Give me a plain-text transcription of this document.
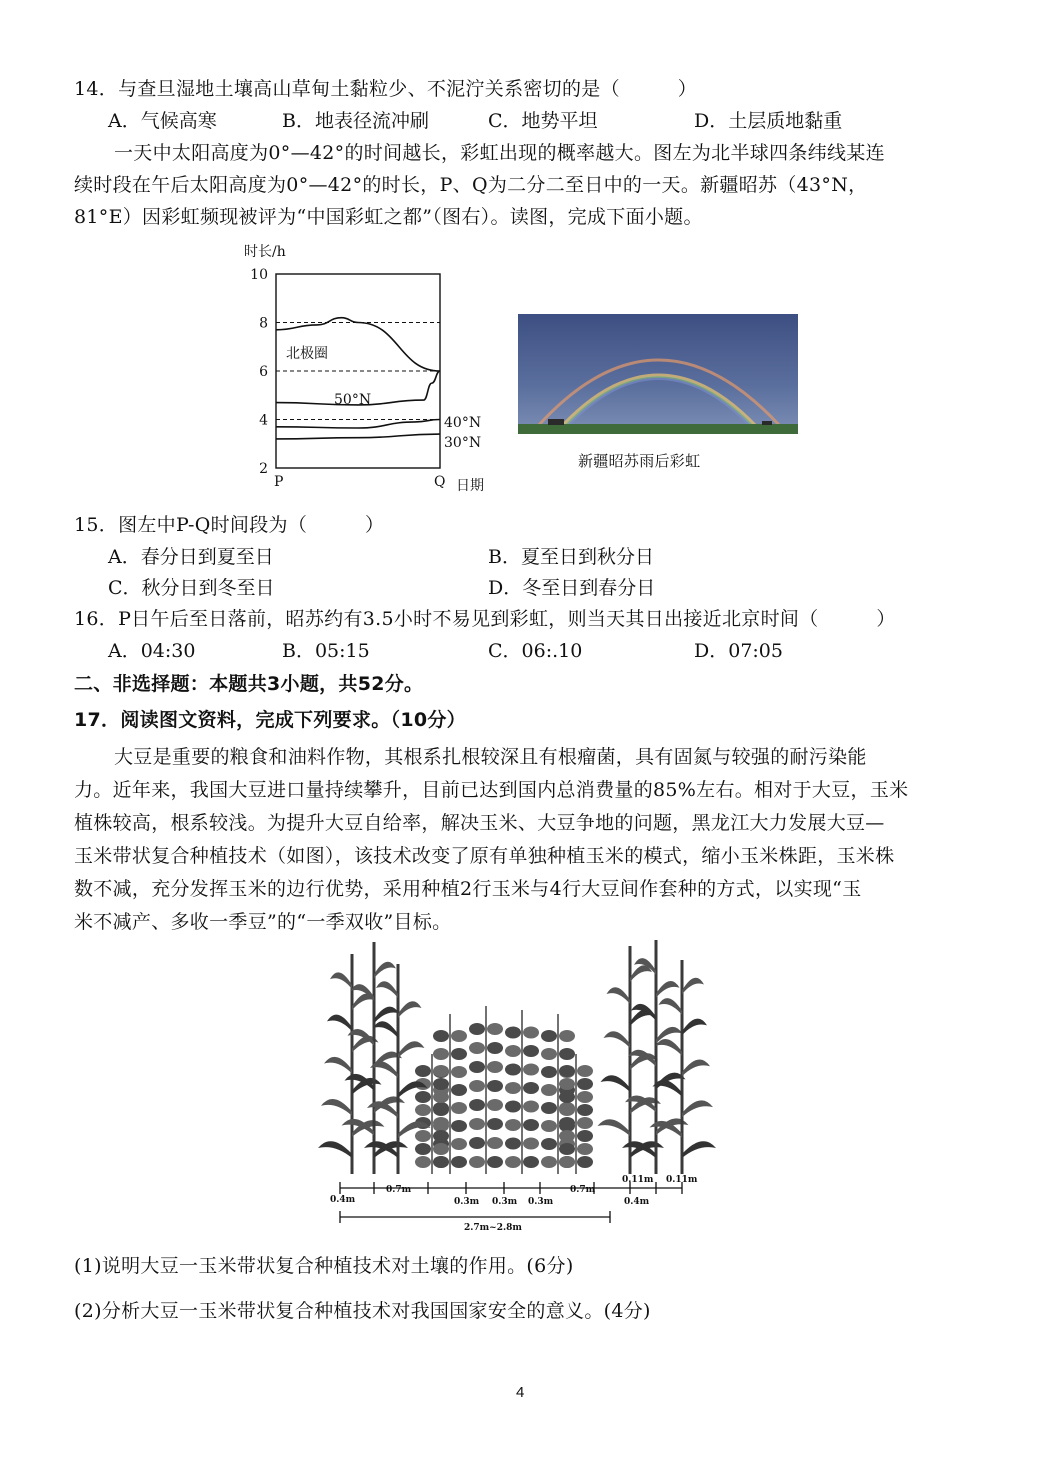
14．与查旦湿地土壤高山草甸土黏粒少、不泥泞关系密切的是（　　　）
A．气候高寒	B．地表径流冲刷	C．地势平坦	D．土层质地黏重
一天中太阳高度为0°—42°的时间越长，彩虹出现的概率越大。图左为北半球四条纬线某连
续时段在午后太阳高度为0°—42°的时长，P、Q为二分二至日中的一天。新疆昭苏（43°N，
81°E）因彩虹频现被评为“中国彩虹之都”（图右）。读图，完成下面小题。
时长/h
2
4
6
8
10
北极圈
50°N
40°N
30°N
P	Q 日期
新疆昭苏雨后彩虹
15．图左中P-Q时间段为（　　　）
A．春分日到夏至日	B．夏至日到秋分日
C．秋分日到冬至日	D．冬至日到春分日
16．P日午后至日落前，昭苏约有3.5小时不易见到彩虹，则当天其日出接近北京时间（　　　）
A．04:30	B．05:15	C．06:.10	D．07:05
二、非选择题：本题共3小题，共52分。
17．阅读图文资料，完成下列要求。（10分）
大豆是重要的粮食和油料作物，其根系扎根较深且有根瘤菌，具有固氮与较强的耐污染能
力。近年来，我国大豆进口量持续攀升，目前已达到国内总消费量的85%左右。相对于大豆，玉米
植株较高，根系较浅。为提升大豆自给率，解决玉米、大豆争地的问题，黑龙江大力发展大豆—
玉米带状复合种植技术（如图），该技术改变了原有单独种植玉米的模式，缩小玉米株距，玉米株
数不减，充分发挥玉米的边行优势，采用种植2行玉米与4行大豆间作套种的方式，以实现“玉
米不减产、多收一季豆”的“一季双收”目标。
0.4m
0.7m
0.3m 0.3m 0.3m
0.7m
0.11m 0.11m
0.4m
2.7m~2.8m
(1)说明大豆一玉米带状复合种植技术对土壤的作用。(6分)
(2)分析大豆一玉米带状复合种植技术对我国国家安全的意义。(4分)
4
